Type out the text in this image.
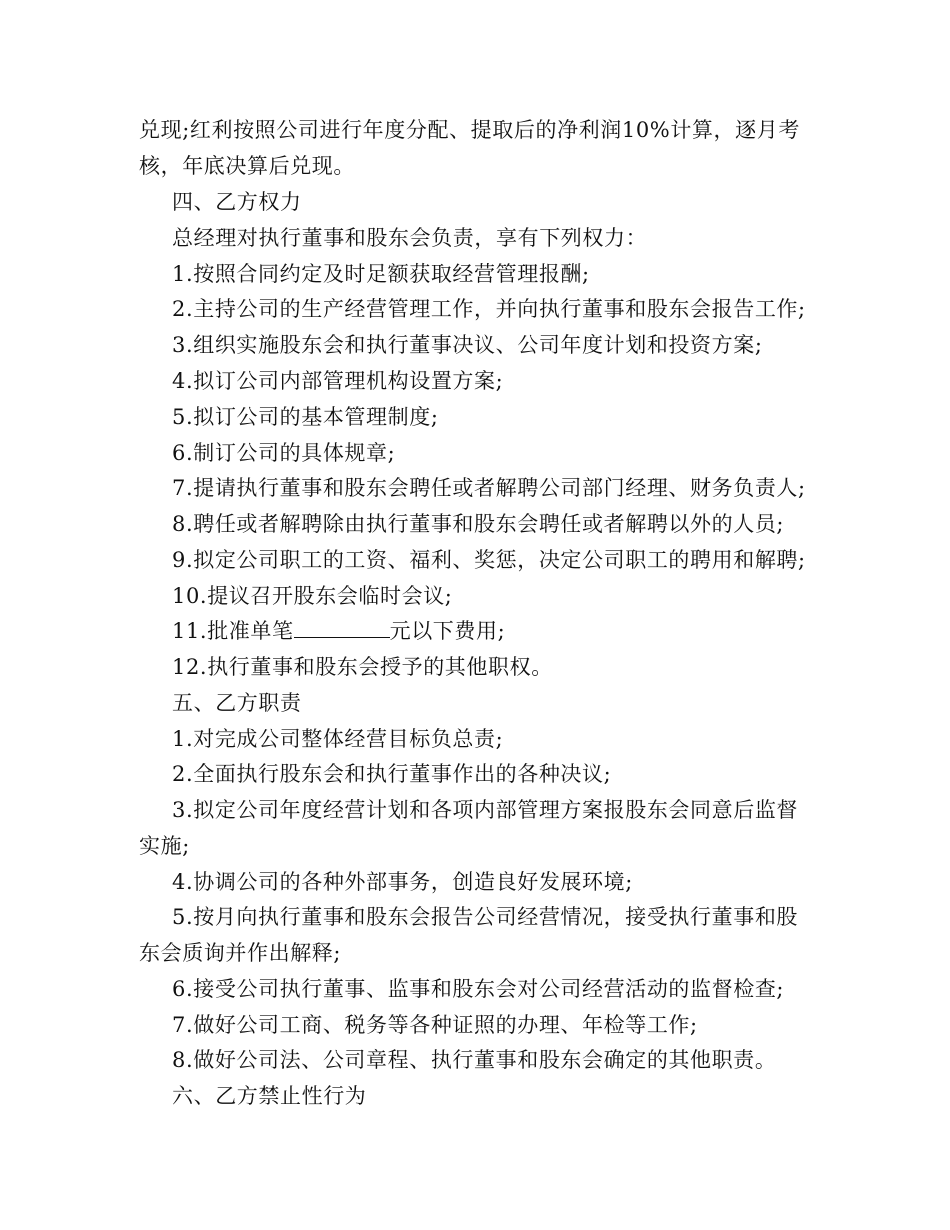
兑现;红利按照公司进行年度分配、提取后的净利润10%计算，逐月考
核，年底决算后兑现。
四、乙方权力
总经理对执行董事和股东会负责，享有下列权力：
1.按照合同约定及时足额获取经营管理报酬;
2.主持公司的生产经营管理工作，并向执行董事和股东会报告工作;
3.组织实施股东会和执行董事决议、公司年度计划和投资方案;
4.拟订公司内部管理机构设置方案;
5.拟订公司的基本管理制度;
6.制订公司的具体规章;
7.提请执行董事和股东会聘任或者解聘公司部门经理、财务负责人;
8.聘任或者解聘除由执行董事和股东会聘任或者解聘以外的人员;
9.拟定公司职工的工资、福利、奖惩，决定公司职工的聘用和解聘;
10.提议召开股东会临时会议;
11.批准单笔	元以下费用;
12.执行董事和股东会授予的其他职权。
五、乙方职责
1.对完成公司整体经营目标负总责;
2.全面执行股东会和执行董事作出的各种决议;
3.拟定公司年度经营计划和各项内部管理方案报股东会同意后监督
实施;
4.协调公司的各种外部事务，创造良好发展环境;
5.按月向执行董事和股东会报告公司经营情况，接受执行董事和股
东会质询并作出解释;
6.接受公司执行董事、监事和股东会对公司经营活动的监督检查;
7.做好公司工商、税务等各种证照的办理、年检等工作;
8.做好公司法、公司章程、执行董事和股东会确定的其他职责。
六、乙方禁止性行为
